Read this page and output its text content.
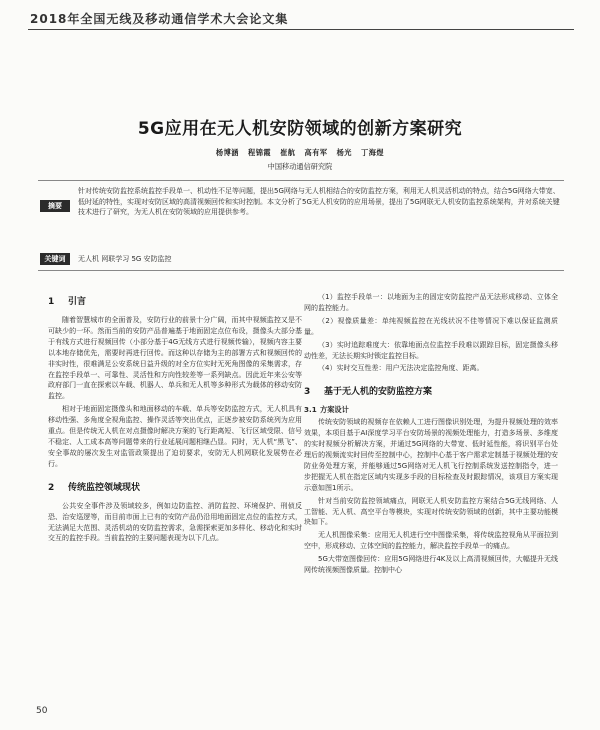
2018年全国无线及移动通信学术大会论文集
5G应用在无人机安防领域的创新方案研究
杨博涵 程锦霞 崔航 高有军 杨光 丁海煜
中国移动通信研究院
摘要
针对传统安防监控系统监控手段单一、机动性不足等问题，提出5G网络与无人机相结合的安防监控方案，利用无人机灵活机动的特点，结合5G网络大带宽、低时延的特性，实现对安防区域的高清视频回传和实时控制。本文分析了5G无人机安防的应用场景，提出了5G网联无人机安防监控系统架构，并对系统关键技术进行了研究，为无人机在安防领域的应用提供参考。
关键词	无人机 网联学习 5G 安防监控
1 引言

随着智慧城市的全面普及，安防行业的前景十分广阔，而其中视频监控又是不可缺少的一环。然而当前的安防产品普遍基于地面固定点位布设，摄像头大部分基于有线方式进行视频回传（小部分基于4G无线方式进行视频传输），视频内容主要以本地存储优先，需要时再进行回传。而这种以存储为主的部署方式和视频回传的非实时性，很难满足公安系统日益升级的对全方位实时无死角图像的采集需求，存在监控手段单一、可靠性、灵活性和方向性较差等一系列缺点。因此近年来公安等政府部门一直在探索以车载、机器人、单兵和无人机等多种形式为载体的移动安防监控。

相对于地面固定摄像头和地面移动的车载、单兵等安防监控方式，无人机具有移动性强、多角度全视角监控、操作灵活等突出优点，正逐步被安防系统列为应用重点。但是传统无人机在对点摄像时解决方案的飞行距离短、飞行区域受限、信号不稳定、人工成本高等问题带来的行业延展问题相继凸显。同时，无人机“黑飞”、安全事故的屡次发生对监管政策提出了迫切要求，安防无人机网联化发展势在必行。

2 传统监控领域现状

公共安全事件涉及领域较多，例如边防监控、消防监控、环境保护、刑侦反恐、治安巡逻等，而目前市面上已有的安防产品仍沿用地面固定点位的监控方式，无法满足大范围、灵活机动的安防监控需求，急需探索更加多样化、移动化和实时交互的监控手段。当前监控的主要问题表现为以下几点。

（1）监控手段单一：以地面为主的固定安防监控产品无法形成移动、立体全网的监控能力。

（2）视像质量差：单纯视频监控在光线状况不佳等情况下难以保证监测质量。

（3）实时追踪难度大：依靠地面点位监控手段难以跟踪目标，固定摄像头移动性差，无法长期实时锁定监控目标。

（4）实时交互性差：用户无法决定监控角度、距离。

3 基于无人机的安防监控方案
3.1 方案设计

传统安防领域的视频存在依赖人工进行图像识别处理，为提升视频处理的效率效果，本项目基于AI深度学习平台安防场景的视频处理能力，打造多场景、多维度的实时视频分析解决方案，并通过5G网络的大带宽、低时延性能，将识别平台处理后的视频流实时回传至控制中心，控制中心基于客户需求定制基于视频处理的安防业务处理方案，并能够通过5G网络对无人机飞行控制系统发送控制指令，进一步把握无人机在指定区域内实现多手段的目标检查及时跟踪情况，该项目方案实现示意如图1所示。

针对当前安防监控领域痛点，网联无人机安防监控方案结合5G无线网络、人工智能、无人机、高空平台等模块，实现对传统安防领域的创新，其中主要功能模块如下。

无人机图像采集：应用无人机进行空中图像采集，将传统监控视角从平面拉到空中，形成移动、立体空间的监控能力，解决监控手段单一的痛点。

5G大带宽图像回传：应用5G网络进行4K及以上高清视频回传，大幅提升无线网传统视频图像质量。控制中心

50
